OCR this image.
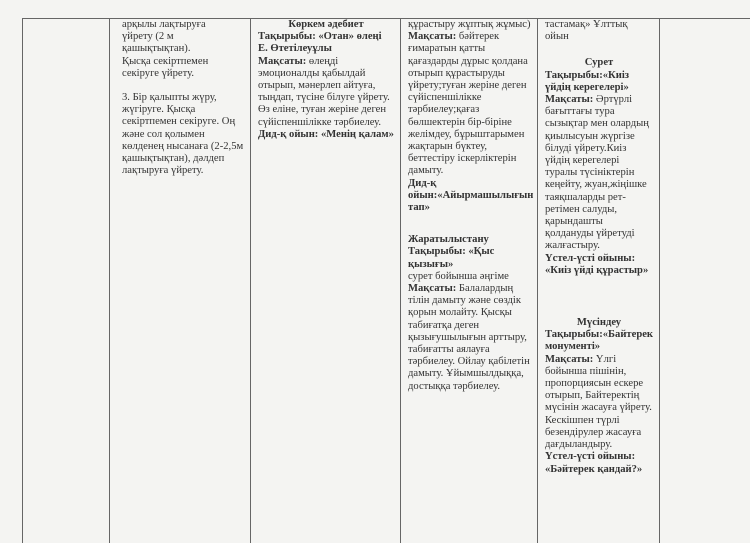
арқылы лақтыруға

үйрету (2 м

қашықтықтан).

Қысқа секіртпемен секіруге үйрету.

3. Бір қалыпты жүру, жүгіруге. Қысқа секіртпемен секіруге. Оң және сол қолымен көлденең нысанаға (2-2,5м қашықтықтан), дәлдеп лақтыруға үйрету.

Көркем әдебиет

Тақырыбы: «Отан» өлеңі

Е. Өтетілеуұлы

Мақсаты: өлеңді эмоционалды қабылдай отырып, мәнерлеп айтуға, тыңдап, түсіне білуге үйрету. Өз еліне, туған жеріне деген сүйіспеншілікке тәрбиелеу.

Дид-қ ойын: «Менің қалам»

құрастыру жұптық жұмыс)

Мақсаты: бәйтерек ғимаратын қатты қағаздарды дұрыс қолдана отырып құрастыруды үйрету;туған жеріне деген сүйіспеншілікке тәрбиелеу;қағаз бөлшектерін бір-біріне желімдеу, бұрыштарымен жақтарын бүктеу, беттестіру іскерліктерін дамыту.

Дид-қ ойын:«Айырмашылығын тап»

Жаратылыстану

Тақырыбы: «Қыс қызығы»

сурет бойынша әңгіме

Мақсаты: Балалардың тілін дамыту және сөздік қорын молайту. Қысқы табиғатқа деген қызығушылығын арттыру, табиғатты аялауға тәрбиелеу. Ойлау қабілетін дамыту. Ұйымшылдыққа, достыққа тәрбиелеу.

тастамақ» Ұлттық ойын

Сурет

Тақырыбы:«Киіз үйдің керегелері»

Мақсаты: Әртүрлі бағыттағы тура сызықтар мен олардың қиылысуын жүргізе білуді үйрету.Киіз үйдің керегелері туралы түсініктерін кеңейту, жуан,жіңішке таяқшаларды рет-ретімен салуды, қарындашты қолдануды үйретуді жалғастыру.

Үстел-үсті ойыны: «Киіз үйді құрастыр»

Мүсіндеу

Тақырыбы:«Байтерек монументі»

Мақсаты: Үлгі бойынша пішінін, пропорциясын ескере отырып, Байтеректің мүсінін жасауға үйрету. Кескішпен түрлі безендірулер жасауға дағдыландыру.

Үстел-үсті ойыны: «Бәйтерек қандай?»
